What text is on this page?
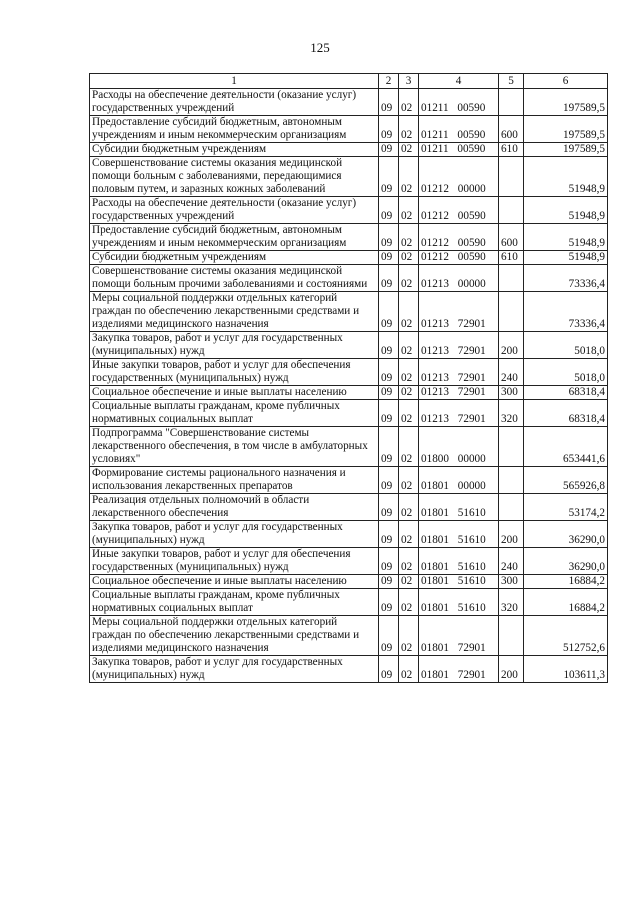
125
1	2	3	4	5	6
Расходы на обеспечение деятельности (оказание услуг) государственных учреждений	09	02	01211 00590		197589,5
Предоставление субсидий бюджетным, автономным учреждениям и иным некоммерческим организациям	09	02	01211 00590	600	197589,5
Субсидии бюджетным учреждениям	09	02	01211 00590	610	197589,5
Совершенствование системы оказания медицинской помощи больным с заболеваниями, передающимися половым путем, и заразных кожных заболеваний	09	02	01212 00000		51948,9
Расходы на обеспечение деятельности (оказание услуг) государственных учреждений	09	02	01212 00590		51948,9
Предоставление субсидий бюджетным, автономным учреждениям и иным некоммерческим организациям	09	02	01212 00590	600	51948,9
Субсидии бюджетным учреждениям	09	02	01212 00590	610	51948,9
Совершенствование системы оказания медицинской помощи больным прочими заболеваниями и состояниями	09	02	01213 00000		73336,4
Меры социальной поддержки отдельных категорий граждан по обеспечению лекарственными средствами и изделиями медицинского назначения	09	02	01213 72901		73336,4
Закупка товаров, работ и услуг для государственных (муниципальных) нужд	09	02	01213 72901	200	5018,0
Иные закупки товаров, работ и услуг для обеспечения государственных (муниципальных) нужд	09	02	01213 72901	240	5018,0
Социальное обеспечение и иные выплаты населению	09	02	01213 72901	300	68318,4
Социальные выплаты гражданам, кроме публичных нормативных социальных выплат	09	02	01213 72901	320	68318,4
Подпрограмма "Совершенствование системы лекарственного обеспечения, в том числе в амбулаторных условиях"	09	02	01800 00000		653441,6
Формирование системы рационального назначения и использования лекарственных препаратов	09	02	01801 00000		565926,8
Реализация отдельных полномочий в области лекарственного обеспечения	09	02	01801 51610		53174,2
Закупка товаров, работ и услуг для государственных (муниципальных) нужд	09	02	01801 51610	200	36290,0
Иные закупки товаров, работ и услуг для обеспечения государственных (муниципальных) нужд	09	02	01801 51610	240	36290,0
Социальное обеспечение и иные выплаты населению	09	02	01801 51610	300	16884,2
Социальные выплаты гражданам, кроме публичных нормативных социальных выплат	09	02	01801 51610	320	16884,2
Меры социальной поддержки отдельных категорий граждан по обеспечению лекарственными средствами и изделиями медицинского назначения	09	02	01801 72901		512752,6
Закупка товаров, работ и услуг для государственных (муниципальных) нужд	09	02	01801 72901	200	103611,3
